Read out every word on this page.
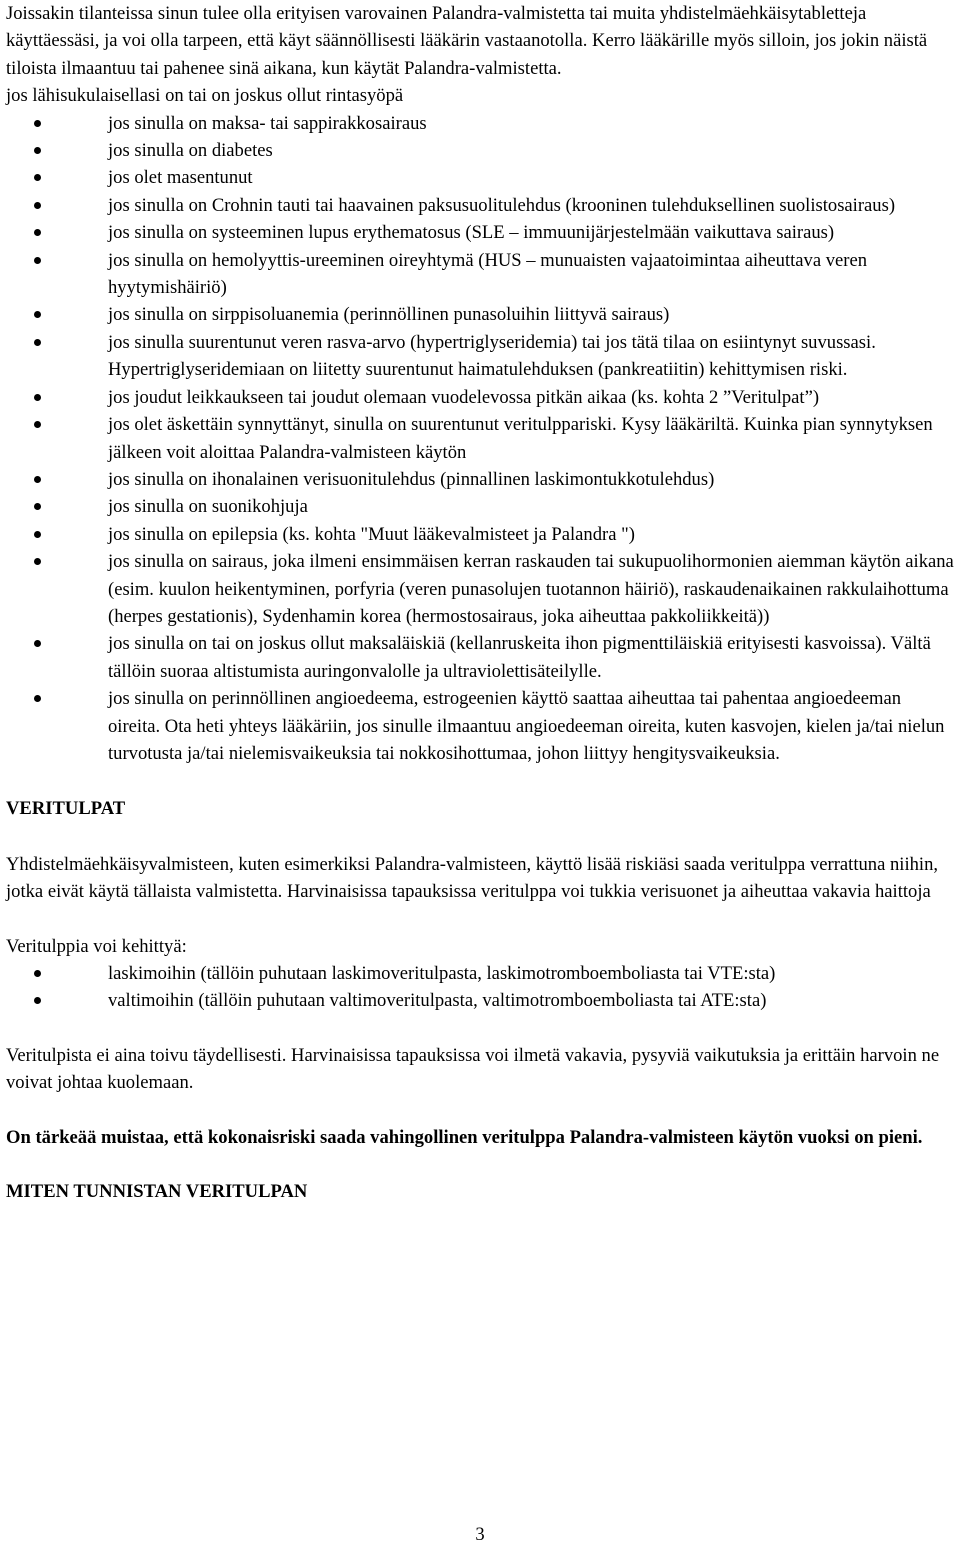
Joissakin tilanteissa sinun tulee olla erityisen varovainen Palandra-valmistetta tai muita yhdistelmäehkäisytabletteja käyttäessäsi, ja voi olla tarpeen, että käyt säännöllisesti lääkärin vastaanotolla. Kerro lääkärille myös silloin, jos jokin näistä tiloista ilmaantuu tai pahenee sinä aikana, kun käytät Palandra-valmistetta.

jos lähisukulaisellasi on tai on joskus ollut rintasyöpä

jos sinulla on maksa- tai sappirakkosairaus
jos sinulla on diabetes
jos olet masentunut
jos sinulla on Crohnin tauti tai haavainen paksusuolitulehdus (krooninen tulehduksellinen suolistosairaus)
jos sinulla on systeeminen lupus erythematosus (SLE – immuunijärjestelmään vaikuttava sairaus)
jos sinulla on hemolyyttis-ureeminen oireyhtymä (HUS – munuaisten vajaatoimintaa aiheuttava veren hyytymishäiriö)
jos sinulla on sirppisoluanemia (perinnöllinen punasoluihin liittyvä sairaus)
jos sinulla suurentunut veren rasva-arvo (hypertriglyseridemia) tai jos tätä tilaa on esiintynyt suvussasi. Hypertriglyseridemiaan on liitetty suurentunut haimatulehduksen (pankreatiitin) kehittymisen riski.
jos joudut leikkaukseen tai joudut olemaan vuodelevossa pitkän aikaa (ks. kohta 2 ”Veritulpat”)
jos olet äskettäin synnyttänyt, sinulla on suurentunut veritulppariski. Kysy lääkäriltä. Kuinka pian synnytyksen jälkeen voit aloittaa Palandra-valmisteen käytön
jos sinulla on ihonalainen verisuonitulehdus (pinnallinen laskimontukkotulehdus)
jos sinulla on suonikohjuja
jos sinulla on epilepsia (ks. kohta "Muut lääkevalmisteet ja Palandra ")
jos sinulla on sairaus, joka ilmeni ensimmäisen kerran raskauden tai sukupuolihormonien aiemman käytön aikana (esim. kuulon heikentyminen, porfyria (veren punasolujen tuotannon häiriö), raskaudenaikainen rakkulaihottuma (herpes gestationis), Sydenhamin korea (hermostosairaus, joka aiheuttaa pakkoliikkeitä))
jos sinulla on tai on joskus ollut maksaläiskiä (kellanruskeita ihon pigmenttiläiskiä erityisesti kasvoissa). Vältä tällöin suoraa altistumista auringonvalolle ja ultraviolettisäteilylle.
jos sinulla on perinnöllinen angioedeema, estrogeenien käyttö saattaa aiheuttaa tai pahentaa angioedeeman oireita. Ota heti yhteys lääkäriin, jos sinulle ilmaantuu angioedeeman oireita, kuten kasvojen, kielen ja/tai nielun turvotusta ja/tai nielemisvaikeuksia tai nokkosihottumaa, johon liittyy hengitysvaikeuksia.

VERITULPAT

Yhdistelmäehkäisyvalmisteen, kuten esimerkiksi Palandra-valmisteen, käyttö lisää riskiäsi saada veritulppa verrattuna niihin, jotka eivät käytä tällaista valmistetta. Harvinaisissa tapauksissa veritulppa voi tukkia verisuonet ja aiheuttaa vakavia haittoja

Veritulppia voi kehittyä:

laskimoihin (tällöin puhutaan laskimoveritulpasta, laskimotromboemboliasta tai VTE:sta)
valtimoihin (tällöin puhutaan valtimoveritulpasta, valtimotromboemboliasta tai ATE:sta)

Veritulpista ei aina toivu täydellisesti. Harvinaisissa tapauksissa voi ilmetä vakavia, pysyviä vaikutuksia ja erittäin harvoin ne voivat johtaa kuolemaan.

On tärkeää muistaa, että kokonaisriski saada vahingollinen veritulppa Palandra-valmisteen käytön vuoksi on pieni.

MITEN TUNNISTAN VERITULPAN

3
